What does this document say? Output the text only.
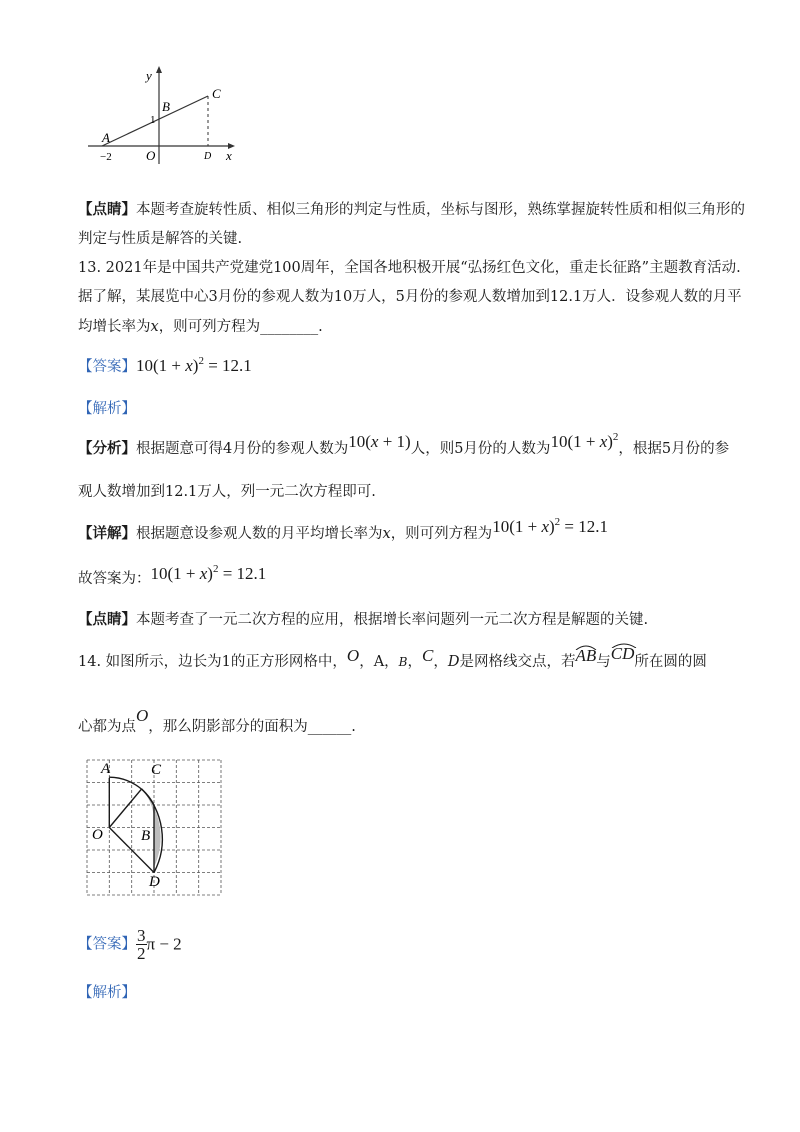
y
C
B
1
A
−2	O	D x
【点睛】本题考查旋转性质、相似三角形的判定与性质，坐标与图形，熟练掌握旋转性质和相似三角形的
判定与性质是解答的关键.
13. 2021年是中国共产党建党100周年，全国各地积极开展“弘扬红色文化，重走长征路”主题教育活动.
据了解，某展览中心3月份的参观人数为10万人，5月份的参观人数增加到12.1万人．设参观人数的月平
均增长率为x，则可列方程为________.
【答案】$10(1 + x)^2 = 12.1$
【解析】
【分析】根据题意可得4月份的参观人数为10(x + 1)人，则5月份的人数为$10(1 + x)^2$，根据5月份的参
观人数增加到12.1万人，列一元二次方程即可.
【详解】根据题意设参观人数的月平均增长率为x，则可列方程为$10(1 + x)^2 = 12.1$
故答案为：$10(1 + x)^2 = 12.1$
【点睛】本题考查了一元二次方程的应用，根据增长率问题列一元二次方程是解题的关键.
14. 如图所示，边长为1的正方形网格中，O，A，B，C，D是网格线交点，若
AB与
CD所在圆的圆
心都为点O，那么阴影部分的面积为______.
A	C
O	B
D
【答案】 $\frac{3}{2}$ π − 2
【解析】
